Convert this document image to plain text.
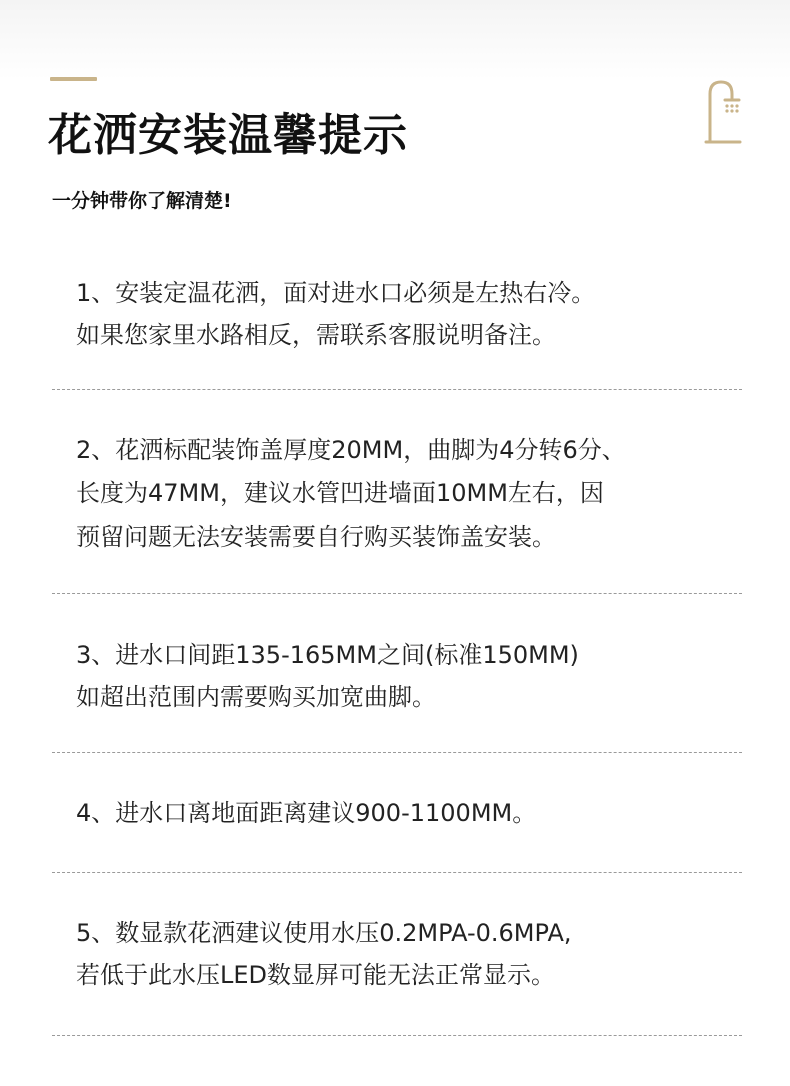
花洒安装温馨提示

一分钟带你了解清楚!

1、安装定温花洒，面对进水口必须是左热右冷。

如果您家里水路相反，需联系客服说明备注。

2、花洒标配装饰盖厚度20MM，曲脚为4分转6分、

长度为47MM，建议水管凹进墙面10MM左右，因

预留问题无法安装需要自行购买装饰盖安装。

3、进水口间距135-165MM之间(标准150MM)

如超出范围内需要购买加宽曲脚。

4、进水口离地面距离建议900-1100MM。

5、数显款花洒建议使用水压0.2MPA-0.6MPA,

若低于此水压LED数显屏可能无法正常显示。
